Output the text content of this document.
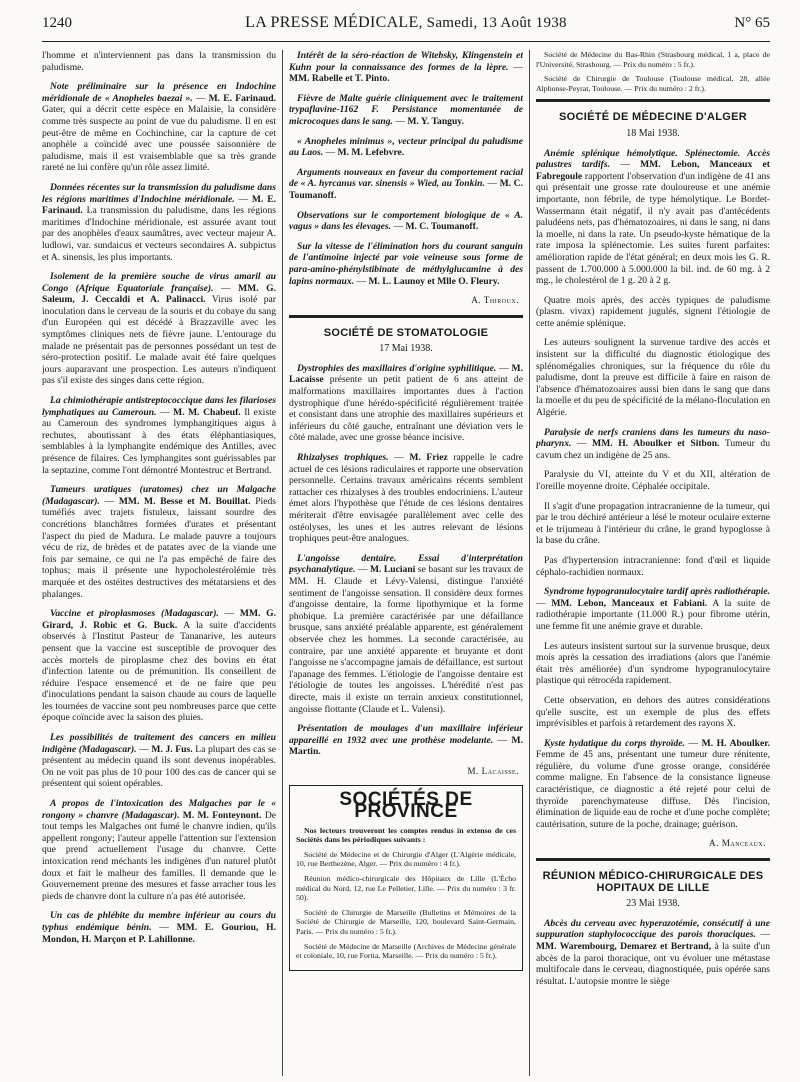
1240	LA PRESSE MÉDICALE, Samedi, 13 Août 1938	N° 65

l'homme et n'interviennent pas dans la transmission du paludisme.

Note préliminaire sur la présence en Indochine méridionale de « Anopheles baezai ». — M. E. Farinaud. Gater, qui a décrit cette espèce en Malaisie, la considère comme très suspecte au point de vue du paludisme. Il en est peut-être de même en Cochinchine, car la capture de cet anophèle a coïncidé avec une poussée saisonnière de paludisme, mais il est vraisemblable que sa très grande rareté ne lui confère qu'un rôle assez limité.

Données récentes sur la transmission du paludisme dans les régions maritimes d'Indochine méridionale. — M. E. Farinaud. La transmission du paludisme, dans les régions maritimes d'Indochine méridionale, est assurée avant tout par des anophèles d'eaux saumâtres, avec vecteur majeur A. ludlowi, var. sundaicus et vecteurs secondaires A. subpictus et A. sinensis, les plus importants.

Isolement de la première souche de virus amaril au Congo (Afrique Equatoriale française). — MM. G. Saleum, J. Ceccaldi et A. Palinacci. Virus isolé par inoculation dans le cerveau de la souris et du cobaye du sang d'un Européen qui est décédé à Brazzaville avec les symptômes cliniques nets de fièvre jaune. L'entourage du malade ne présentait pas de personnes possédant un test de séro-protection positif. Le malade avait été faire quelques jours auparavant une prospection. Les auteurs n'indiquent pas s'il existe des singes dans cette région.

La chimiothérapie antistreptococcique dans les filarioses lymphatiques au Cameroun. — M. M. Chabeuf. Il existe au Cameroun des syndromes lymphangitiques aigus à rechutes, aboutissant à des états éléphantiasiques, semblables à la lymphangite endémique des Antilles, avec présence de filaires. Ces lymphangites sont guérissables par la septazine, comme l'ont démontré Montestruc et Bertrand.

Tumeurs uratiques (uratomes) chez un Malgache (Madagascar). — MM. M. Besse et M. Bouillat. Pieds tuméfiés avec trajets fistuleux, laissant sourdre des concrétions blanchâtres formées d'urates et présentant l'aspect du pied de Madura. Le malade pauvre a toujours vécu de riz, de brèdes et de patates avec de la viande une fois par semaine, ce qui ne l'a pas empêché de faire des tophus; mais il présente une hypocholestérolémie très marquée et des ostéites destructives des métatarsiens et des phalanges.

Vaccine et piroplasmoses (Madagascar). — MM. G. Girard, J. Robic et G. Buck. A la suite d'accidents observés à l'Institut Pasteur de Tananarive, les auteurs pensent que la vaccine est susceptible de provoquer des accès mortels de piroplasme chez des bovins en état d'infection latente ou de prémunition. Ils conseillent de réduire l'espace ensemencé et de ne faire que peu d'inoculations pendant la saison chaude au cours de laquelle les tournées de vaccine sont peu nombreuses parce que cette époque coïncide avec la saison des pluies.

Les possibilités de traitement des cancers en milieu indigène (Madagascar). — M. J. Fus. La plupart des cas se présentent au médecin quand ils sont devenus inopérables. On ne voit pas plus de 10 pour 100 des cas de cancer qui se présentent qui soient opérables.

A propos de l'intoxication des Malgaches par le « rongony » chanvre (Madagascar). M. M. Fonteynont. De tout temps les Malgaches ont fumé le chanvre indien, qu'ils appellent rongony; l'auteur appelle l'attention sur l'extension que prend actuellement l'usage du chanvre. Cette intoxication rend méchants les indigènes d'un naturel plutôt doux et fait le malheur des familles. Il demande que le Gouvernement prenne des mesures et fasse arracher tous les pieds de chanvre dont la culture n'a pas été autorisée.

Un cas de phlébite du membre inférieur au cours du typhus endémique bénin. — MM. E. Gouriou, H. Mondon, H. Marçon et P. Lahillonne.

Intérêt de la séro-réaction de Witebsky, Klingenstein et Kuhn pour la connaissance des formes de la lèpre. — MM. Rabelle et T. Pinto.

Fièvre de Malte guérie cliniquement avec le traitement trypaflavine-1162 F. Persistance momentanée de microcoques dans le sang. — M. Y. Tanguy.

« Anopheles minimus », vecteur principal du paludisme au Laos. — M. M. Lefebvre.

Arguments nouveaux en faveur du comportement racial de « A. hyrcanus var. sinensis » Wied, au Tonkin. — M. C. Toumanoff.

Observations sur le comportement biologique de « A. vagus » dans les élevages. — M. C. Toumanoff.

Sur la vitesse de l'élimination hors du courant sanguin de l'antimoine injecté par voie veineuse sous forme de para-amino-phénylstibinate de méthylglucamine à des lapins normaux. — M. L. Launoy et Mlle O. Fleury.

A. Thiroux.
SOCIÉTÉ DE STOMATOLOGIE
17 Mai 1938.

Dystrophies des maxillaires d'origine syphilitique. — M. Lacaisse présente un petit patient de 6 ans atteint de malformations maxillaires importantes dues à l'action dystrophique d'une hérédo-spécificité régulièrement traitée et consistant dans une atrophie des maxillaires supérieurs et inférieurs du côté gauche, entraînant une déviation vers le côté malade, avec une grosse béance incisive.

Rhizalyses trophiques. — M. Friez rappelle le cadre actuel de ces lésions radiculaires et rapporte une observation personnelle. Certains travaux américains récents semblent rattacher ces rhizalyses à des troubles endocriniens. L'auteur émet alors l'hypothèse que l'étude de ces lésions dentaires mériterait d'être envisagée parallèlement avec celle des ostéolyses, les unes et les autres relevant de lésions trophiques peut-être analogues.

L'angoisse dentaire. Essai d'interprétation psychanalytique. — M. Luciani se basant sur les travaux de MM. H. Claude et Lévy-Valensi, distingue l'anxiété sentiment de l'angoisse sensation. Il considère deux formes d'angoisse dentaire, la forme lipothymique et la forme phobique. La première caractérisée par une défaillance brusque, sans anxiété préalable apparente, est généralement observée chez les hommes. La seconde caractérisée, au contraire, par une anxiété apparente et bruyante et dont l'angoisse ne s'accompagne jamais de défaillance, est surtout l'apanage des femmes. L'étiologie de l'angoisse dentaire est l'étiologie de toutes les angoisses. L'hérédité n'est pas directe, mais il existe un terrain anxieux constitutionnel, angoisse flottante (Claude et L. Valensi).

Présentation de moulages d'un maxillaire inférieur appareillé en 1932 avec une prothèse modelante. — M. Martin.

M. Lacaisse.
SOCIÉTÉS DE PROVINCE

Nos lecteurs trouveront les comptes rendus in extenso de ces Sociétés dans les périodiques suivants :

Société de Médecine et de Chirurgie d'Alger (L'Algérie médicale, 10, rue Berthezène, Alger. — Prix du numéro : 4 fr.).

Réunion médico-chirurgicale des Hôpitaux de Lille (L'Écho médical du Nord, 12, rue Le Pelletier, Lille. — Prix du numéro : 3 fr. 50).

Société de Chirurgie de Marseille (Bulletins et Mémoires de la Société de Chirurgie de Marseille, 120, boulevard Saint-Germain, Paris. — Prix du numéro : 5 fr.).

Société de Médecine de Marseille (Archives de Médecine générale et coloniale, 10, rue Fortia, Marseille. — Prix du numéro : 5 fr.).

Société de Médecine du Bas-Rhin (Strasbourg médical, 1 a, place de l'Université, Strasbourg. — Prix du numéro : 5 fr.).

Société de Chirurgie de Toulouse (Toulouse médical, 28, allée Alphonse-Peyrat, Toulouse. — Prix du numéro : 2 fr.).

SOCIÉTÉ DE MÉDECINE D'ALGER
18 Mai 1938.

Anémie splénique hémolytique. Splénectomie. Accès palustres tardifs. — MM. Lebon, Manceaux et Fabregoule rapportent l'observation d'un indigène de 41 ans qui présentait une grosse rate douloureuse et une anémie importante, non fébrile, de type hémolytique. Le Bordet-Wassermann était négatif, il n'y avait pas d'antécédents paludéens nets, pas d'hématozoaires, ni dans le sang, ni dans la moelle, ni dans la rate. Un pseudo-kyste hématique de la rate imposa la splénectomie. Les suites furent parfaites: amélioration rapide de l'état général; en deux mois les G. R. passent de 1.700.000 à 5.000.000 la bil. ind. de 60 mg. à 2 mg., le cholestérol de 1 g. 20 à 2 g.

Quatre mois après, des accès typiques de paludisme (plasm. vivax) rapidement jugulés, signent l'étiologie de cette anémie splénique.

Les auteurs soulignent la survenue tardive des accès et insistent sur la difficulté du diagnostic étiologique des splénomégalies chroniques, sur la fréquence du rôle du paludisme, dont la preuve est difficile à faire en raison de l'absence d'hématozoaires aussi bien dans le sang que dans la moelle et du peu de spécificité de la mélano-floculation en Algérie.

Paralysie de nerfs craniens dans les tumeurs du naso-pharynx. — MM. H. Aboulker et Sitbon. Tumeur du cavum chez un indigène de 25 ans.

Paralysie du VI, atteinte du V et du XII, altération de l'oreille moyenne droite. Céphalée occipitale.

Il s'agit d'une propagation intracranienne de la tumeur, qui par le trou déchiré antérieur a lésé le moteur oculaire externe et le trijumeau à l'intérieur du crâne, le grand hypoglosse à la base du crâne.

Pas d'hypertension intracranienne: fond d'œil et liquide céphalo-rachidien normaux.

Syndrome hypogranulocytaire tardif après radiothérapie. — MM. Lebon, Manceaux et Fabiani. A la suite de radiothérapie importante (11.000 R.) pour fibrome utérin, une femme fit une anémie grave et durable.

Les auteurs insistent surtout sur la survenue brusque, deux mois après la cessation des irradiations (alors que l'anémie était très améliorée) d'un syndrome hypogranulocytaire plastique qui rétrocéda rapidement.

Cette observation, en dehors des autres considérations qu'elle suscite, est un exemple de plus des effets imprévisibles et parfois à retardement des rayons X.

Kyste hydatique du corps thyroïde. — M. H. Aboulker. Femme de 45 ans, présentant une tumeur dure rénitente, régulière, du volume d'une grosse orange, considérée comme maligne. En l'absence de la consistance ligneuse caractéristique, ce diagnostic a été rejeté pour celui de thyroïde parenchymateuse diffuse. Dès l'incision, élimination de liquide eau de roche et d'une poche complète; cautérisation, suture de la poche, drainage; guérison.

A. Manceaux.
RÉUNION MÉDICO-CHIRURGICALE DES HOPITAUX DE LILLE
23 Mai 1938.

Abcès du cerveau avec hyperazotémie, consécutif à une suppuration staphylococcique des parois thoraciques. — MM. Warembourg, Demarez et Bertrand, à la suite d'un abcès de la paroi thoracique, ont vu évoluer une métastase multifocale dans le cerveau, diagnostiquée, puis opérée sans résultat. L'autopsie montre le siège
